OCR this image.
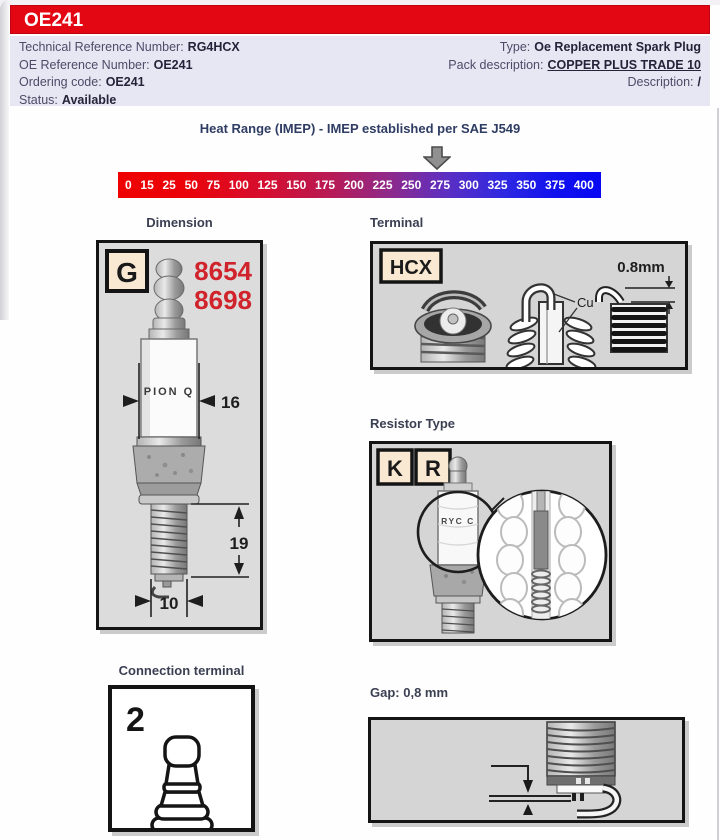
OE241
Technical Reference Number: RG4HCX
OE Reference Number: OE241
Ordering code: OE241
Status: Available
Type: Oe Replacement Spark Plug
Pack description: COPPER PLUS TRADE 10
Description: /
Heat Range (IMEP) - IMEP established per SAE J549
0 15 25 50 75 100 125 150 175 200 225 250 275 300 325 350 375 400
Dimension	Terminal
Resistor Type
Connection terminal
Gap: 0,8 mm
G 8654
8698
PION Q
16
19
10
HCX
Cu
0.8mm
K R
RYC C
2
